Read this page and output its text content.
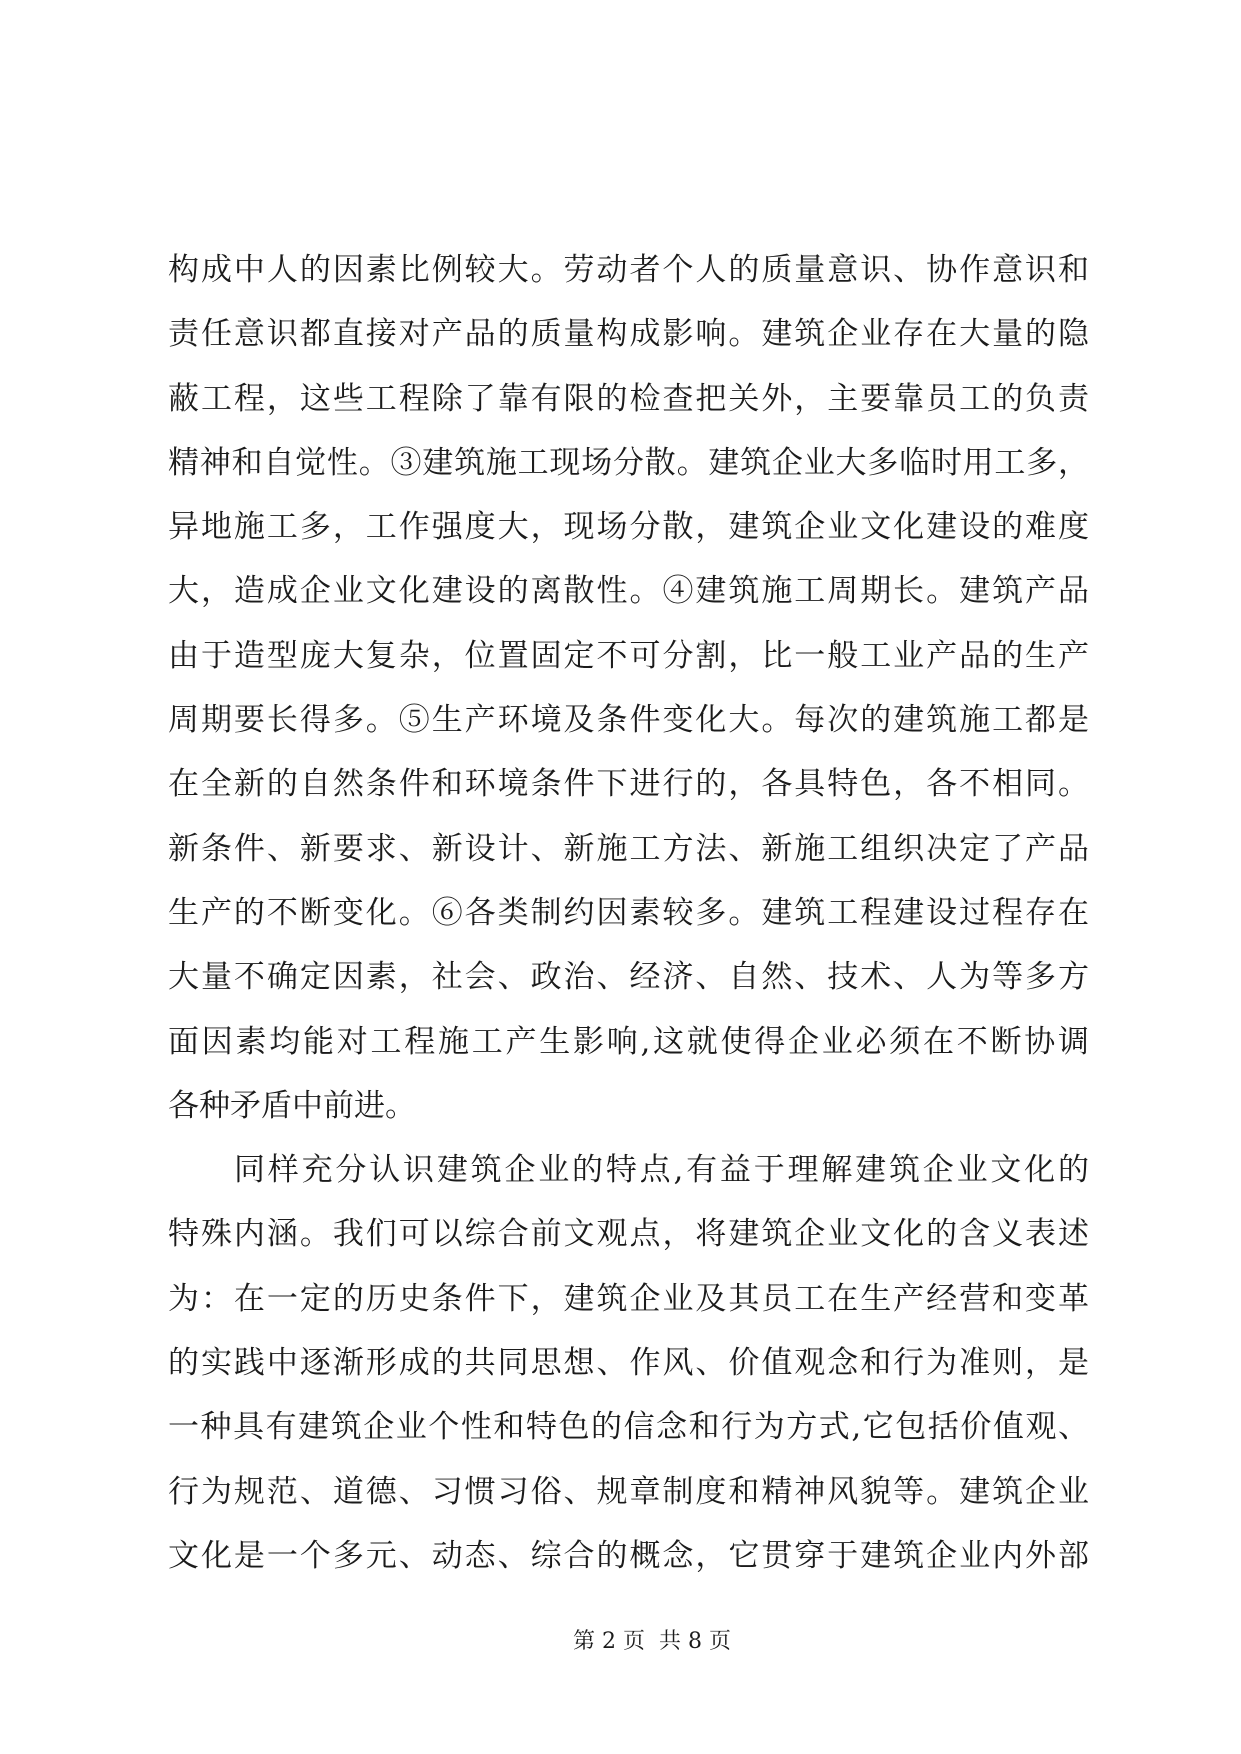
构成中人的因素比例较大。劳动者个人的质量意识、协作意识和
责任意识都直接对产品的质量构成影响。建筑企业存在大量的隐
蔽工程，这些工程除了靠有限的检查把关外，主要靠员工的负责
精神和自觉性。③建筑施工现场分散。建筑企业大多临时用工多，
异地施工多，工作强度大，现场分散，建筑企业文化建设的难度
大，造成企业文化建设的离散性。④建筑施工周期长。建筑产品
由于造型庞大复杂，位置固定不可分割，比一般工业产品的生产
周期要长得多。⑤生产环境及条件变化大。每次的建筑施工都是
在全新的自然条件和环境条件下进行的，各具特色，各不相同。
新条件、新要求、新设计、新施工方法、新施工组织决定了产品
生产的不断变化。⑥各类制约因素较多。建筑工程建设过程存在
大量不确定因素，社会、政治、经济、自然、技术、人为等多方
面因素均能对工程施工产生影响,这就使得企业必须在不断协调
各种矛盾中前进。
同样充分认识建筑企业的特点,有益于理解建筑企业文化的
特殊内涵。我们可以综合前文观点，将建筑企业文化的含义表述
为：在一定的历史条件下，建筑企业及其员工在生产经营和变革
的实践中逐渐形成的共同思想、作风、价值观念和行为准则，是
一种具有建筑企业个性和特色的信念和行为方式,它包括价值观、
行为规范、道德、习惯习俗、规章制度和精神风貌等。建筑企业
文化是一个多元、动态、综合的概念，它贯穿于建筑企业内外部
第 2 页  共 8 页
